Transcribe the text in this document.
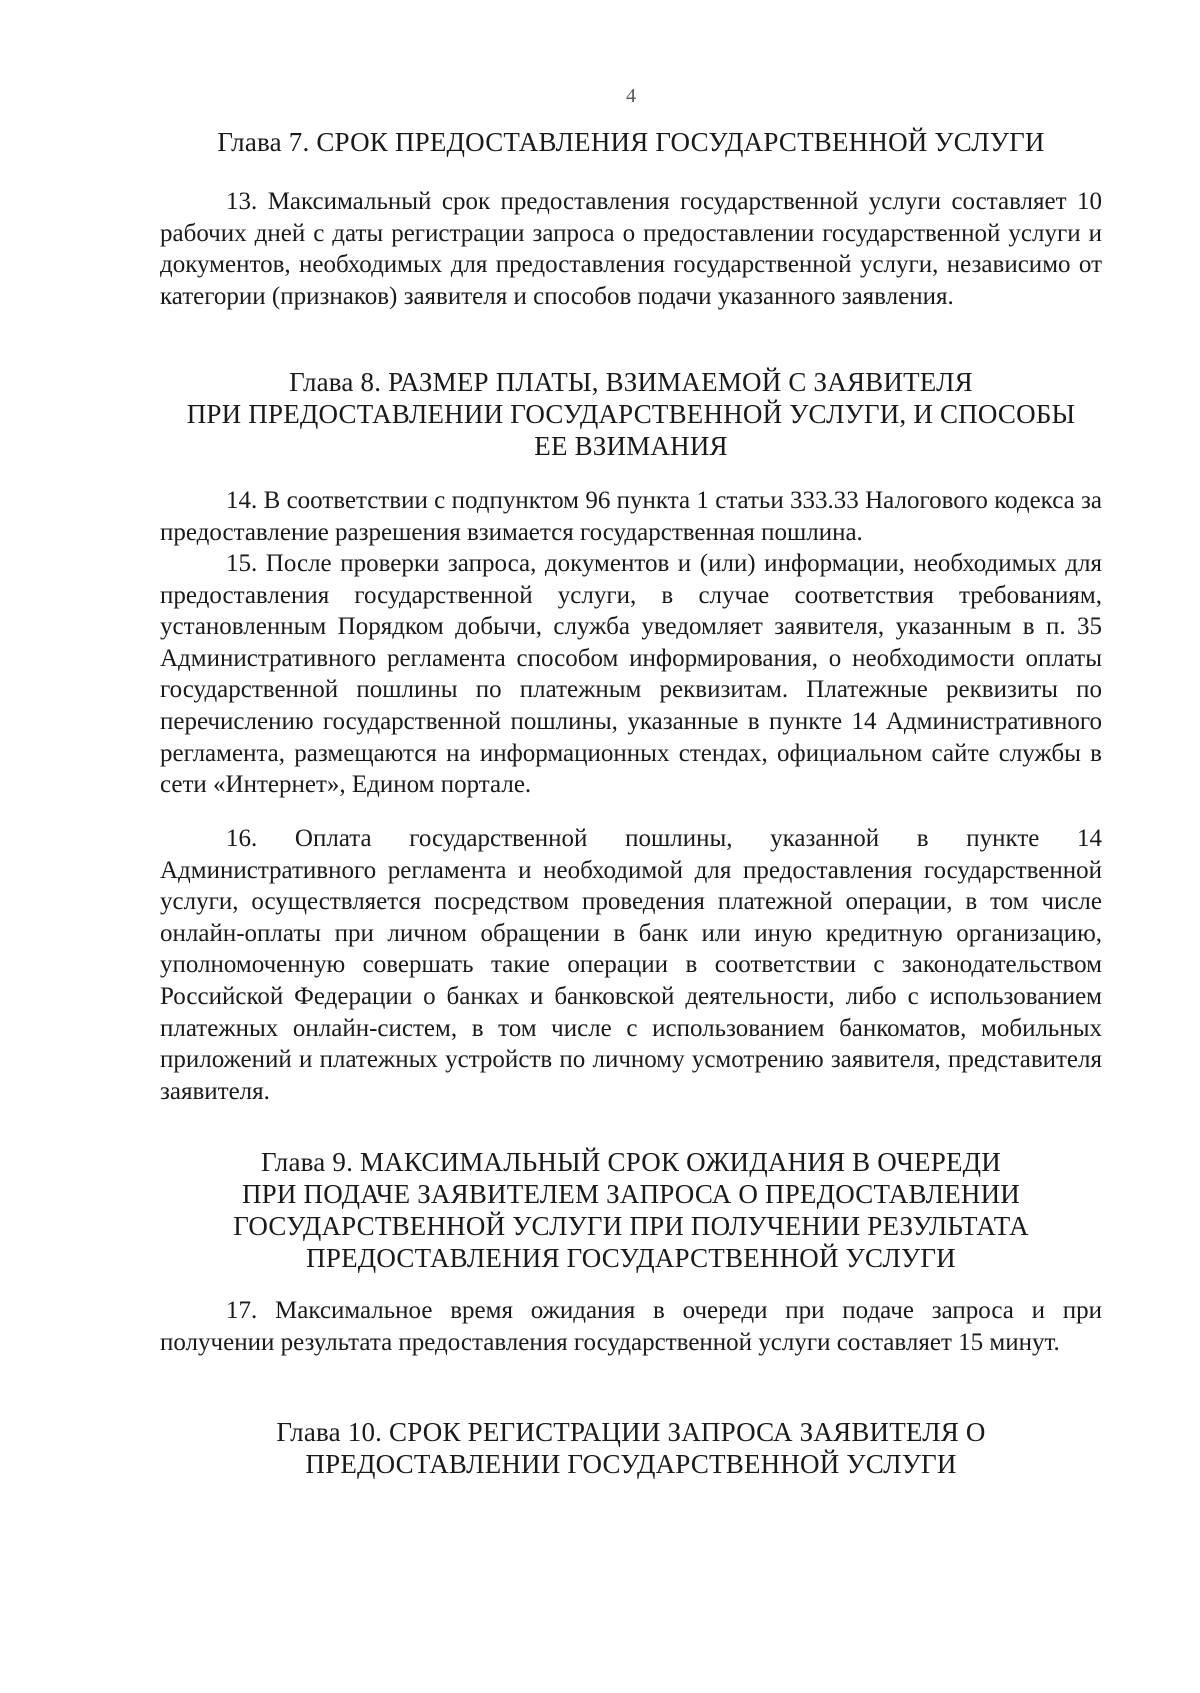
4
Глава 7. СРОК ПРЕДОСТАВЛЕНИЯ ГОСУДАРСТВЕННОЙ УСЛУГИ

13. Максимальный срок предоставления государственной услуги составляет 10 рабочих дней с даты регистрации запроса о предоставлении государственной услуги и документов, необходимых для предоставления государственной услуги, независимо от категории (признаков) заявителя и способов подачи указанного заявления.

Глава 8. РАЗМЕР ПЛАТЫ, ВЗИМАЕМОЙ С ЗАЯВИТЕЛЯ
ПРИ ПРЕДОСТАВЛЕНИИ ГОСУДАРСТВЕННОЙ УСЛУГИ, И СПОСОБЫ
ЕЕ ВЗИМАНИЯ

14. В соответствии с подпунктом 96 пункта 1 статьи 333.33 Налогового кодекса за предоставление разрешения взимается государственная пошлина.

15. После проверки запроса, документов и (или) информации, необходимых для предоставления государственной услуги, в случае соответствия требованиям, установленным Порядком добычи, служба уведомляет заявителя, указанным в п. 35 Административного регламента способом информирования, о необходимости оплаты государственной пошлины по платежным реквизитам. Платежные реквизиты по перечислению государственной пошлины, указанные в пункте 14 Административного регламента, размещаются на информационных стендах, официальном сайте службы в сети «Интернет», Едином портале.

16. Оплата государственной пошлины, указанной в пункте 14 Административного регламента и необходимой для предоставления государственной услуги, осуществляется посредством проведения платежной операции, в том числе онлайн-оплаты при личном обращении в банк или иную кредитную организацию, уполномоченную совершать такие операции в соответствии с законодательством Российской Федерации о банках и банковской деятельности, либо с использованием платежных онлайн-систем, в том числе с использованием банкоматов, мобильных приложений и платежных устройств по личному усмотрению заявителя, представителя заявителя.

Глава 9. МАКСИМАЛЬНЫЙ СРОК ОЖИДАНИЯ В ОЧЕРЕДИ
ПРИ ПОДАЧЕ ЗАЯВИТЕЛЕМ ЗАПРОСА О ПРЕДОСТАВЛЕНИИ
ГОСУДАРСТВЕННОЙ УСЛУГИ ПРИ ПОЛУЧЕНИИ РЕЗУЛЬТАТА
ПРЕДОСТАВЛЕНИЯ ГОСУДАРСТВЕННОЙ УСЛУГИ

17. Максимальное время ожидания в очереди при подаче запроса и при получении результата предоставления государственной услуги составляет 15 минут.

Глава 10. СРОК РЕГИСТРАЦИИ ЗАПРОСА ЗАЯВИТЕЛЯ О
ПРЕДОСТАВЛЕНИИ ГОСУДАРСТВЕННОЙ УСЛУГИ
